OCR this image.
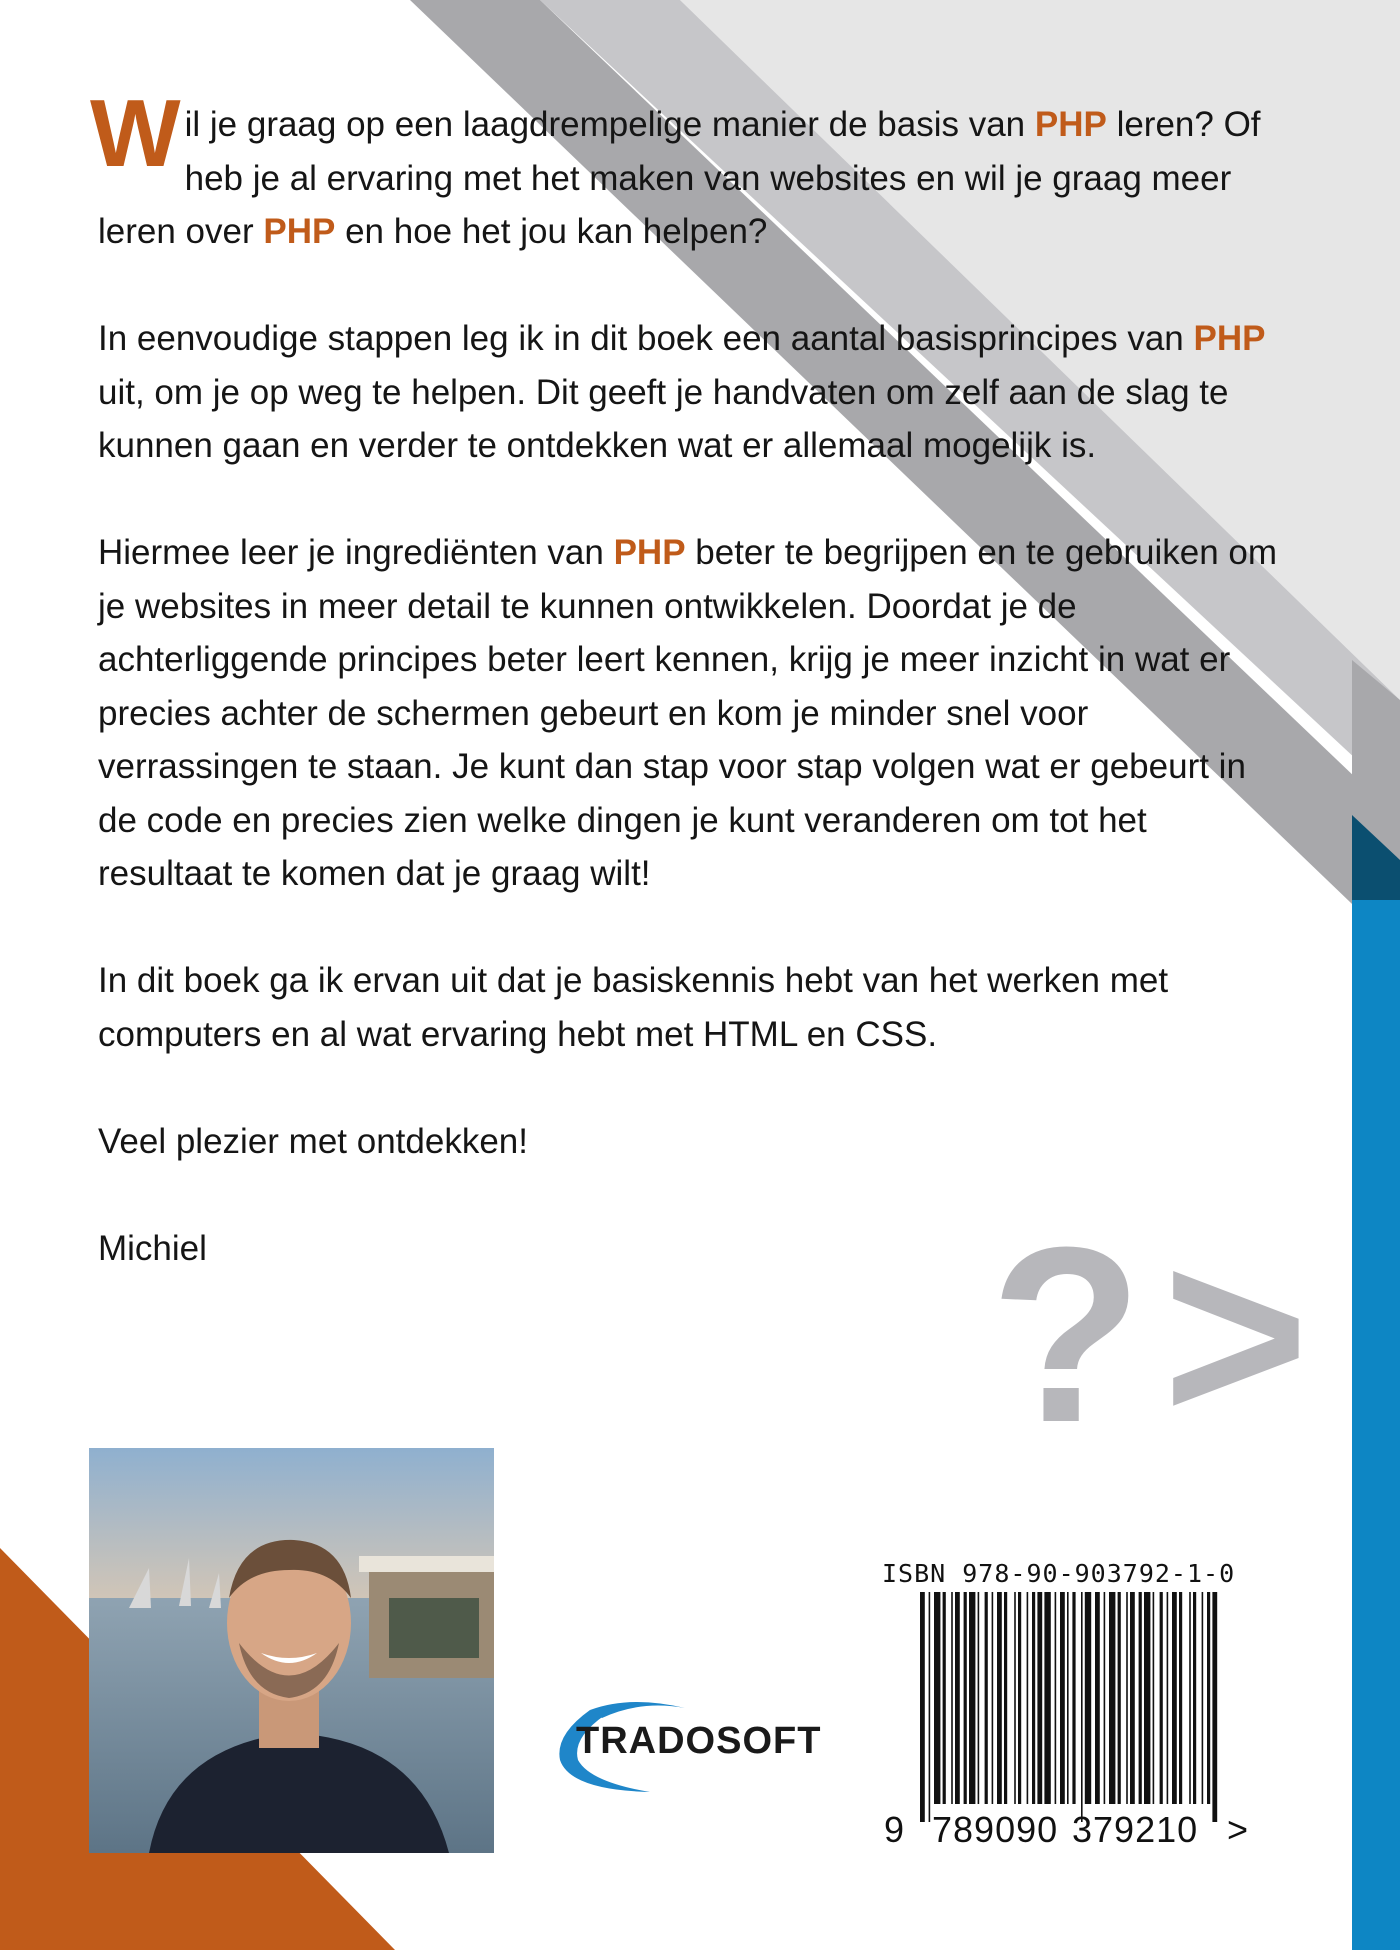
Wil je graag op een laagdrempelige manier de basis van PHP leren? Of heb je al ervaring met het maken van websites en wil je graag meer leren over PHP en hoe het jou kan helpen?

In eenvoudige stappen leg ik in dit boek een aantal basisprincipes van PHP uit, om je op weg te helpen. Dit geeft je handvaten om zelf aan de slag te kunnen gaan en verder te ontdekken wat er allemaal mogelijk is.

Hiermee leer je ingrediënten van PHP beter te begrijpen en te gebruiken om je websites in meer detail te kunnen ontwikkelen. Doordat je de achterliggende principes beter leert kennen, krijg je meer inzicht in wat er precies achter de schermen gebeurt en kom je minder snel voor verrassingen te staan. Je kunt dan stap voor stap volgen wat er gebeurt in de code en precies zien welke dingen je kunt veranderen om tot het resultaat te komen dat je graag wilt!

In dit boek ga ik ervan uit dat je basiskennis hebt van het werken met computers en al wat ervaring hebt met HTML en CSS.

Veel plezier met ontdekken!

Michiel	?>
TRADOSOFT
ISBN 978-90-903792-1-0
9 789090 379210 >
